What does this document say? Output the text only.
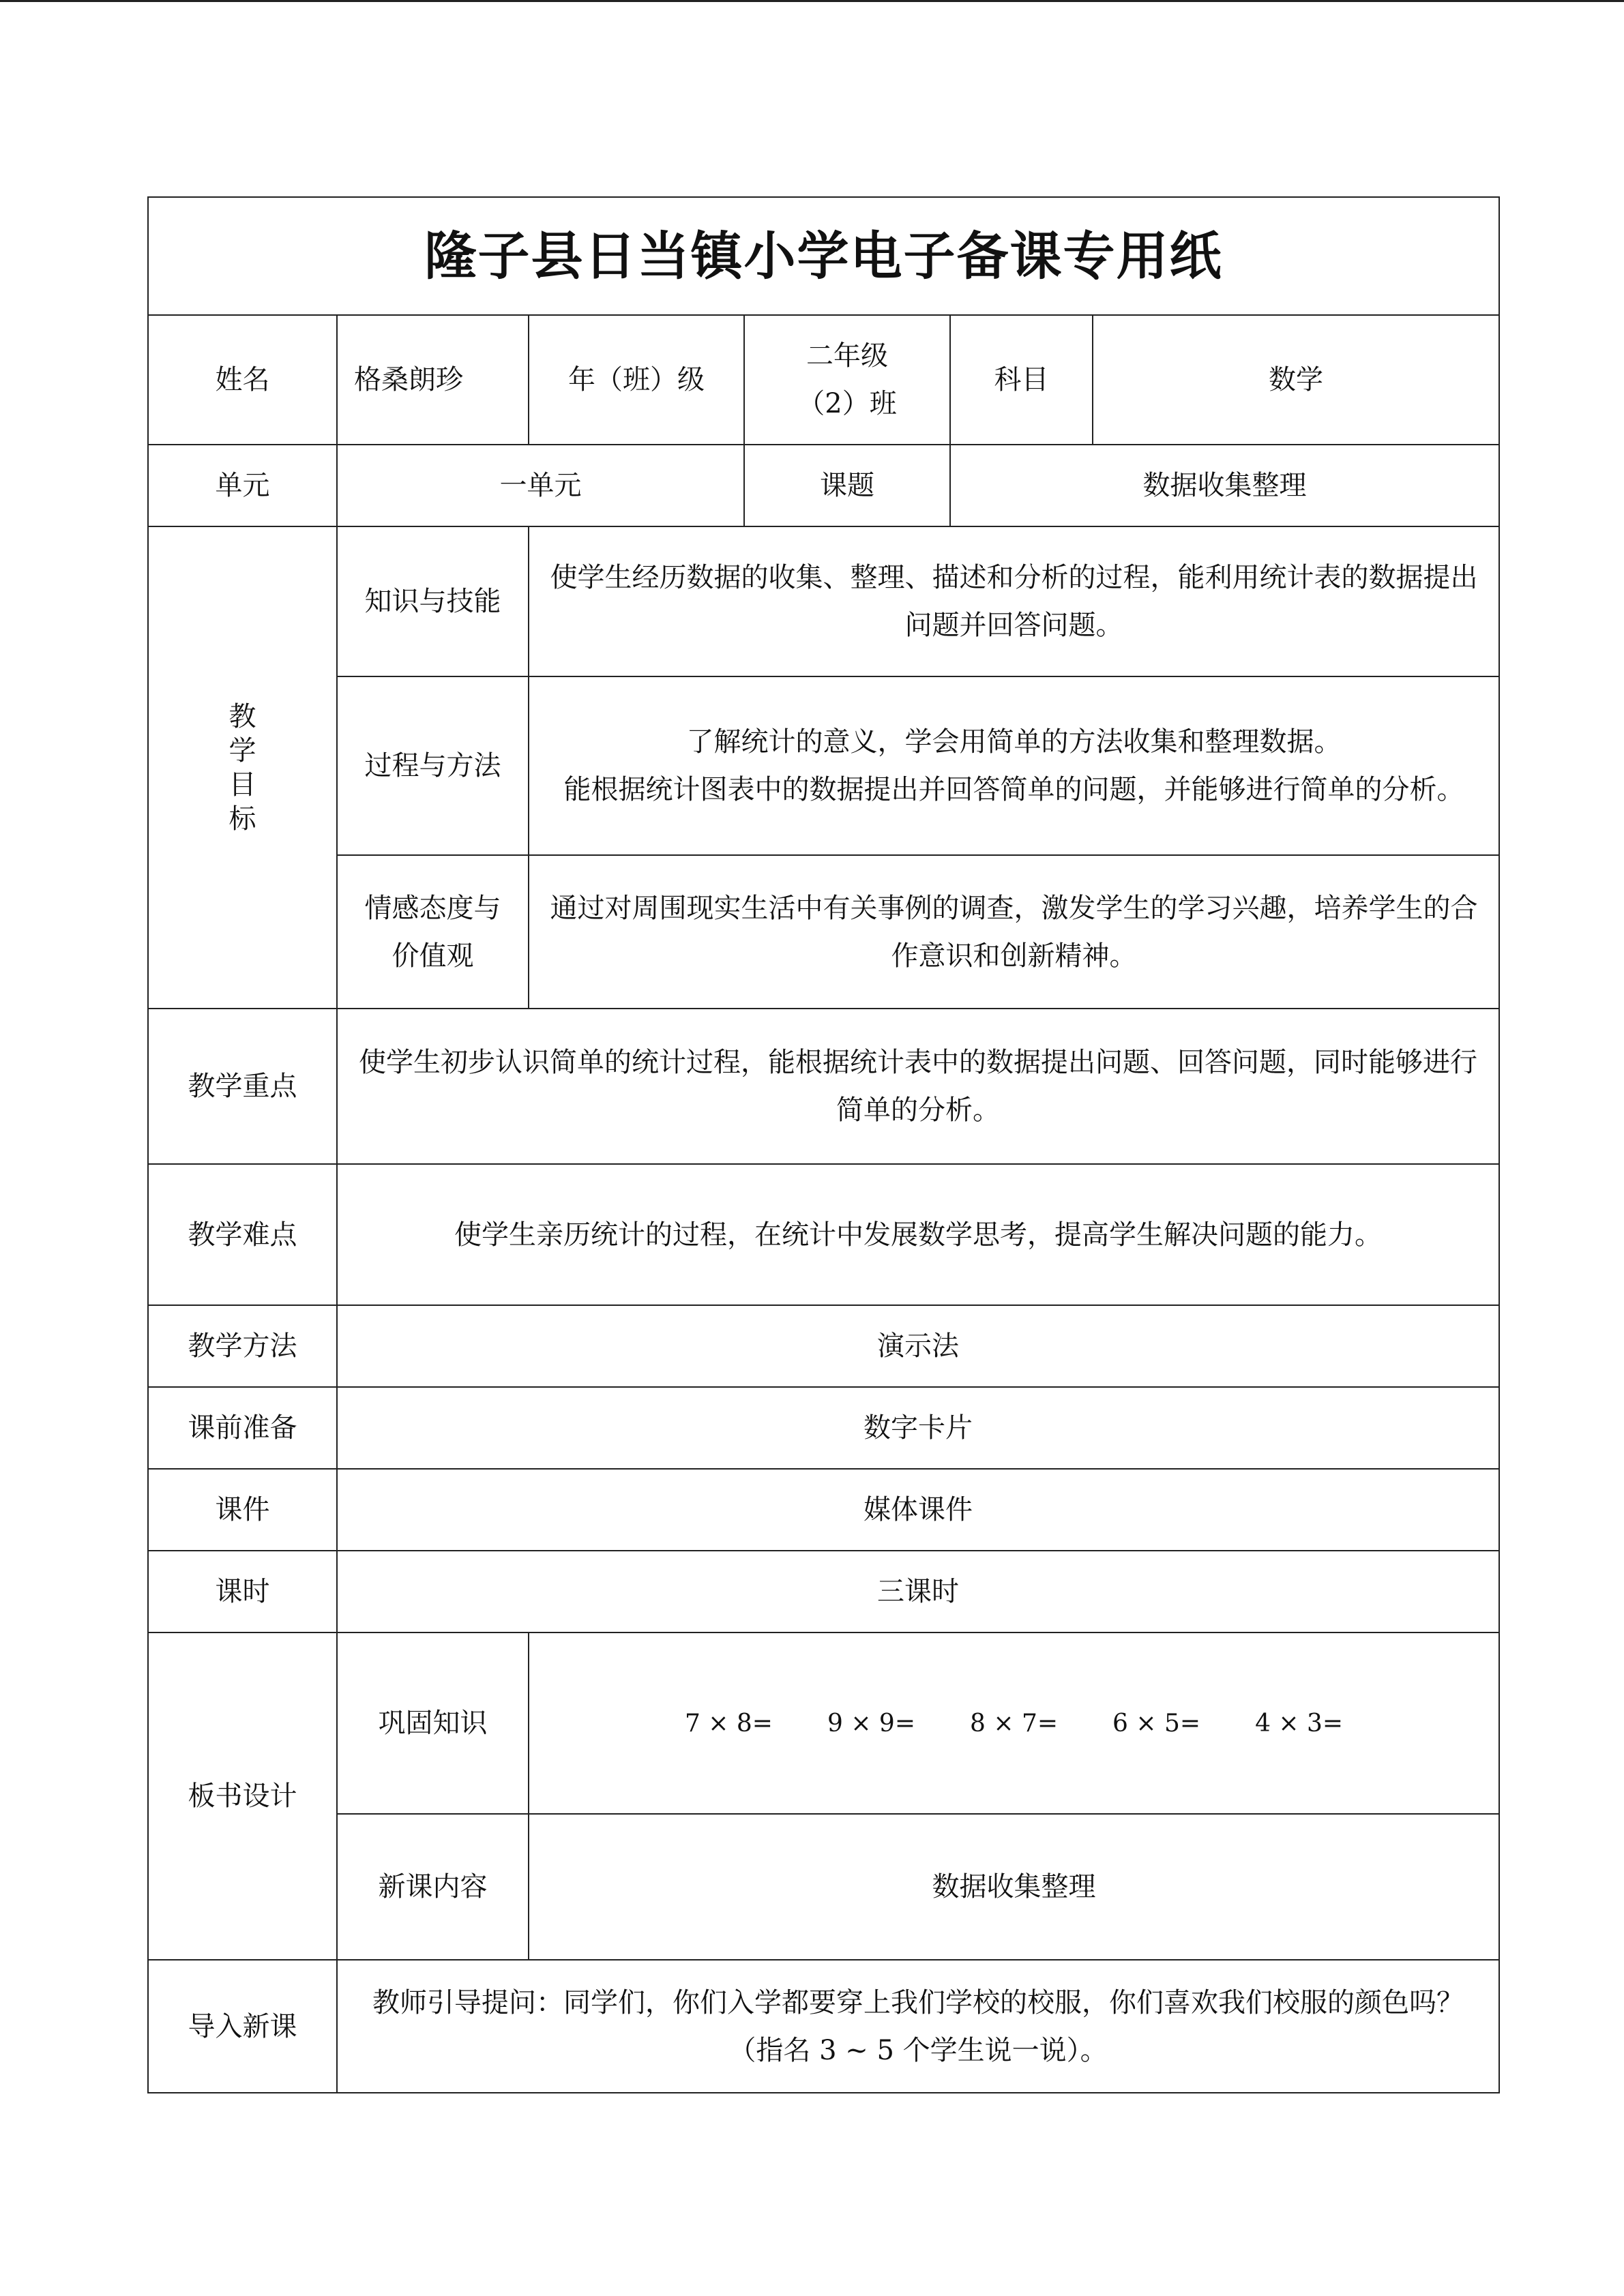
隆子县日当镇小学电子备课专用纸					
姓名	格桑朗珍	年（班）级	二年级（2）班	科目	数学
单元	一单元		课题	数据收集整理	

教
学
目
标	知识与技能	使学生经历数据的收集、整理、描述和分析的过程，能利用统计表的数据提出问题并回答问题。			
	过程与方法	了解统计的意义，学会用简单的方法收集和整理数据。
能根据统计图表中的数据提出并回答简单的问题，并能够进行简单的分析。			

	情感态度与价值观	通过对周围现实生活中有关事例的调查，激发学生的学习兴趣，培养学生的合作意识和创新精神。			
教学重点	使学生初步认识简单的统计过程，能根据统计表中的数据提出问题、回答问题，同时能够进行简单的分析。				
教学难点	使学生亲历统计的过程，在统计中发展数学思考，提高学生解决问题的能力。				
教学方法	演示法				
课前准备	数字卡片				
课件	媒体课件				
课时	三课时				
板书设计	巩固知识	7 × 8= 9 × 9= 8 × 7= 6 × 5= 4 × 3=			
	新课内容	数据收集整理			
导入新课	教师引导提问：同学们，你们入学都要穿上我们学校的校服，你们喜欢我们校服的颜色吗？（指名 3 ~ 5 个学生说一说）。				
